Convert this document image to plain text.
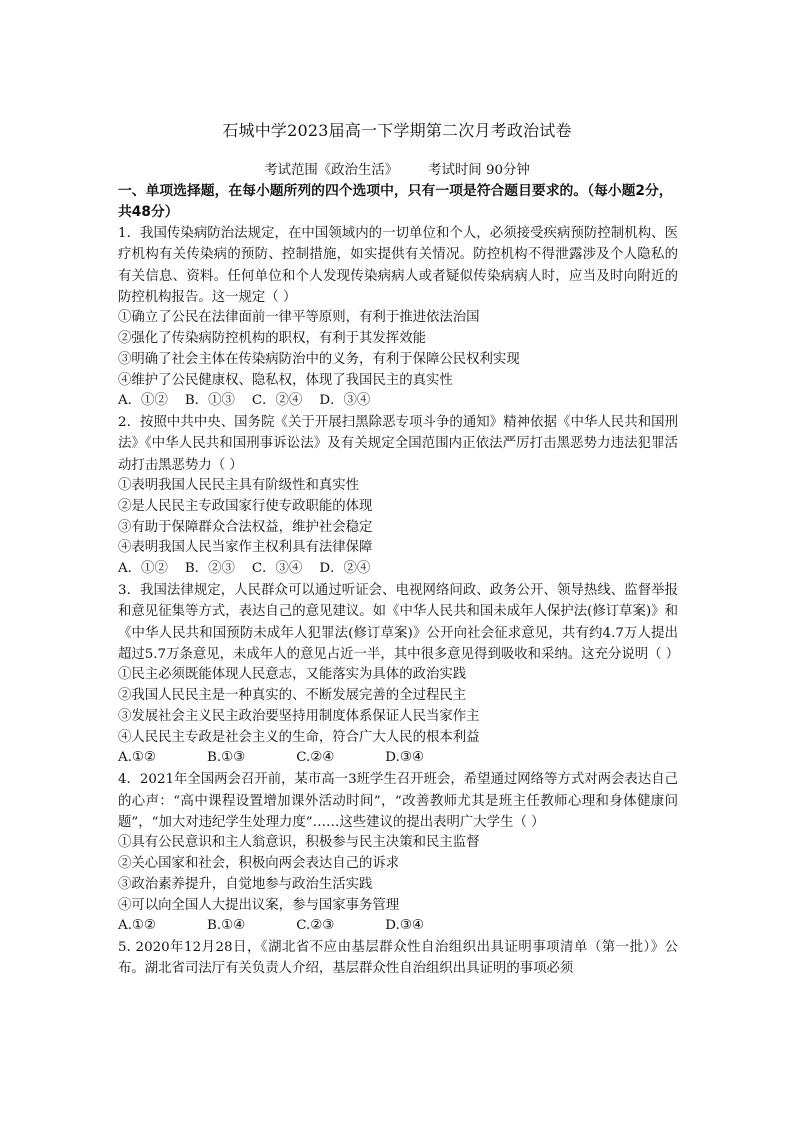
石城中学2023届高一下学期第二次月考政治试卷
考试范围《政治生活》 考试时间 90分钟

一、单项选择题，在每小题所列的四个选项中，只有一项是符合题目要求的。（每小题2分，共48分）

1．我国传染病防治法规定，在中国领域内的一切单位和个人，必须接受疾病预防控制机构、医疗机构有关传染病的预防、控制措施，如实提供有关情况。防控机构不得泄露涉及个人隐私的有关信息、资料。任何单位和个人发现传染病病人或者疑似传染病病人时，应当及时向附近的防控机构报告。这一规定（ ）
①确立了公民在法律面前一律平等原则，有利于推进依法治国
②强化了传染病防控机构的职权，有利于其发挥效能
③明确了社会主体在传染病防治中的义务，有利于保障公民权利实现
④维护了公民健康权、隐私权，体现了我国民主的真实性
A．①②    B．①③    C．②④    D．③④
2．按照中共中央、国务院《关于开展扫黑除恶专项斗争的通知》精神依据《中华人民共和国刑法》《中华人民共和国刑事诉讼法》及有关规定全国范围内正依法严厉打击黑恶势力违法犯罪活动打击黑恶势力（ ）
①表明我国人民民主具有阶级性和真实性
②是人民民主专政国家行使专政职能的体现
③有助于保障群众合法权益，维护社会稳定
④表明我国人民当家作主权利具有法律保障
A．①②    B．②③    C．③④    D．②④
3．我国法律规定，人民群众可以通过听证会、电视网络问政、政务公开、领导热线、监督举报和意见征集等方式，表达自己的意见建议。如《中华人民共和国未成年人保护法(修订草案)》和《中华人民共和国预防未成年人犯罪法(修订草案)》公开向社会征求意见，共有约4.7万人提出超过5.7万条意见，未成年人的意见占近一半，其中很多意见得到吸收和采纳。这充分说明（ ）
①民主必须既能体现人民意志，又能落实为具体的政治实践
②我国人民民主是一种真实的、不断发展完善的全过程民主
③发展社会主义民主政治要坚持用制度体系保证人民当家作主
④人民民主专政是社会主义的生命，符合广大人民的根本利益
A.①②            B.①③            C.②④            D.③④
4．2021年全国两会召开前，某市高一3班学生召开班会，希望通过网络等方式对两会表达自己的心声：“高中课程设置增加课外活动时间”，“改善教师尤其是班主任教师心理和身体健康问题”，“加大对违纪学生处理力度”……这些建议的提出表明广大学生（ ）
①具有公民意识和主人翁意识，积极参与民主决策和民主监督
②关心国家和社会，积极向两会表达自己的诉求
③政治素养提升，自觉地参与政治生活实践
④可以向全国人大提出议案，参与国家事务管理
A.①②            B.①④            C.②③            D.③④
5. 2020年12月28日，《湖北省不应由基层群众性自治组织出具证明事项清单（第一批）》公布。湖北省司法厅有关负责人介绍，基层群众性自治组织出具证明的事项必须
